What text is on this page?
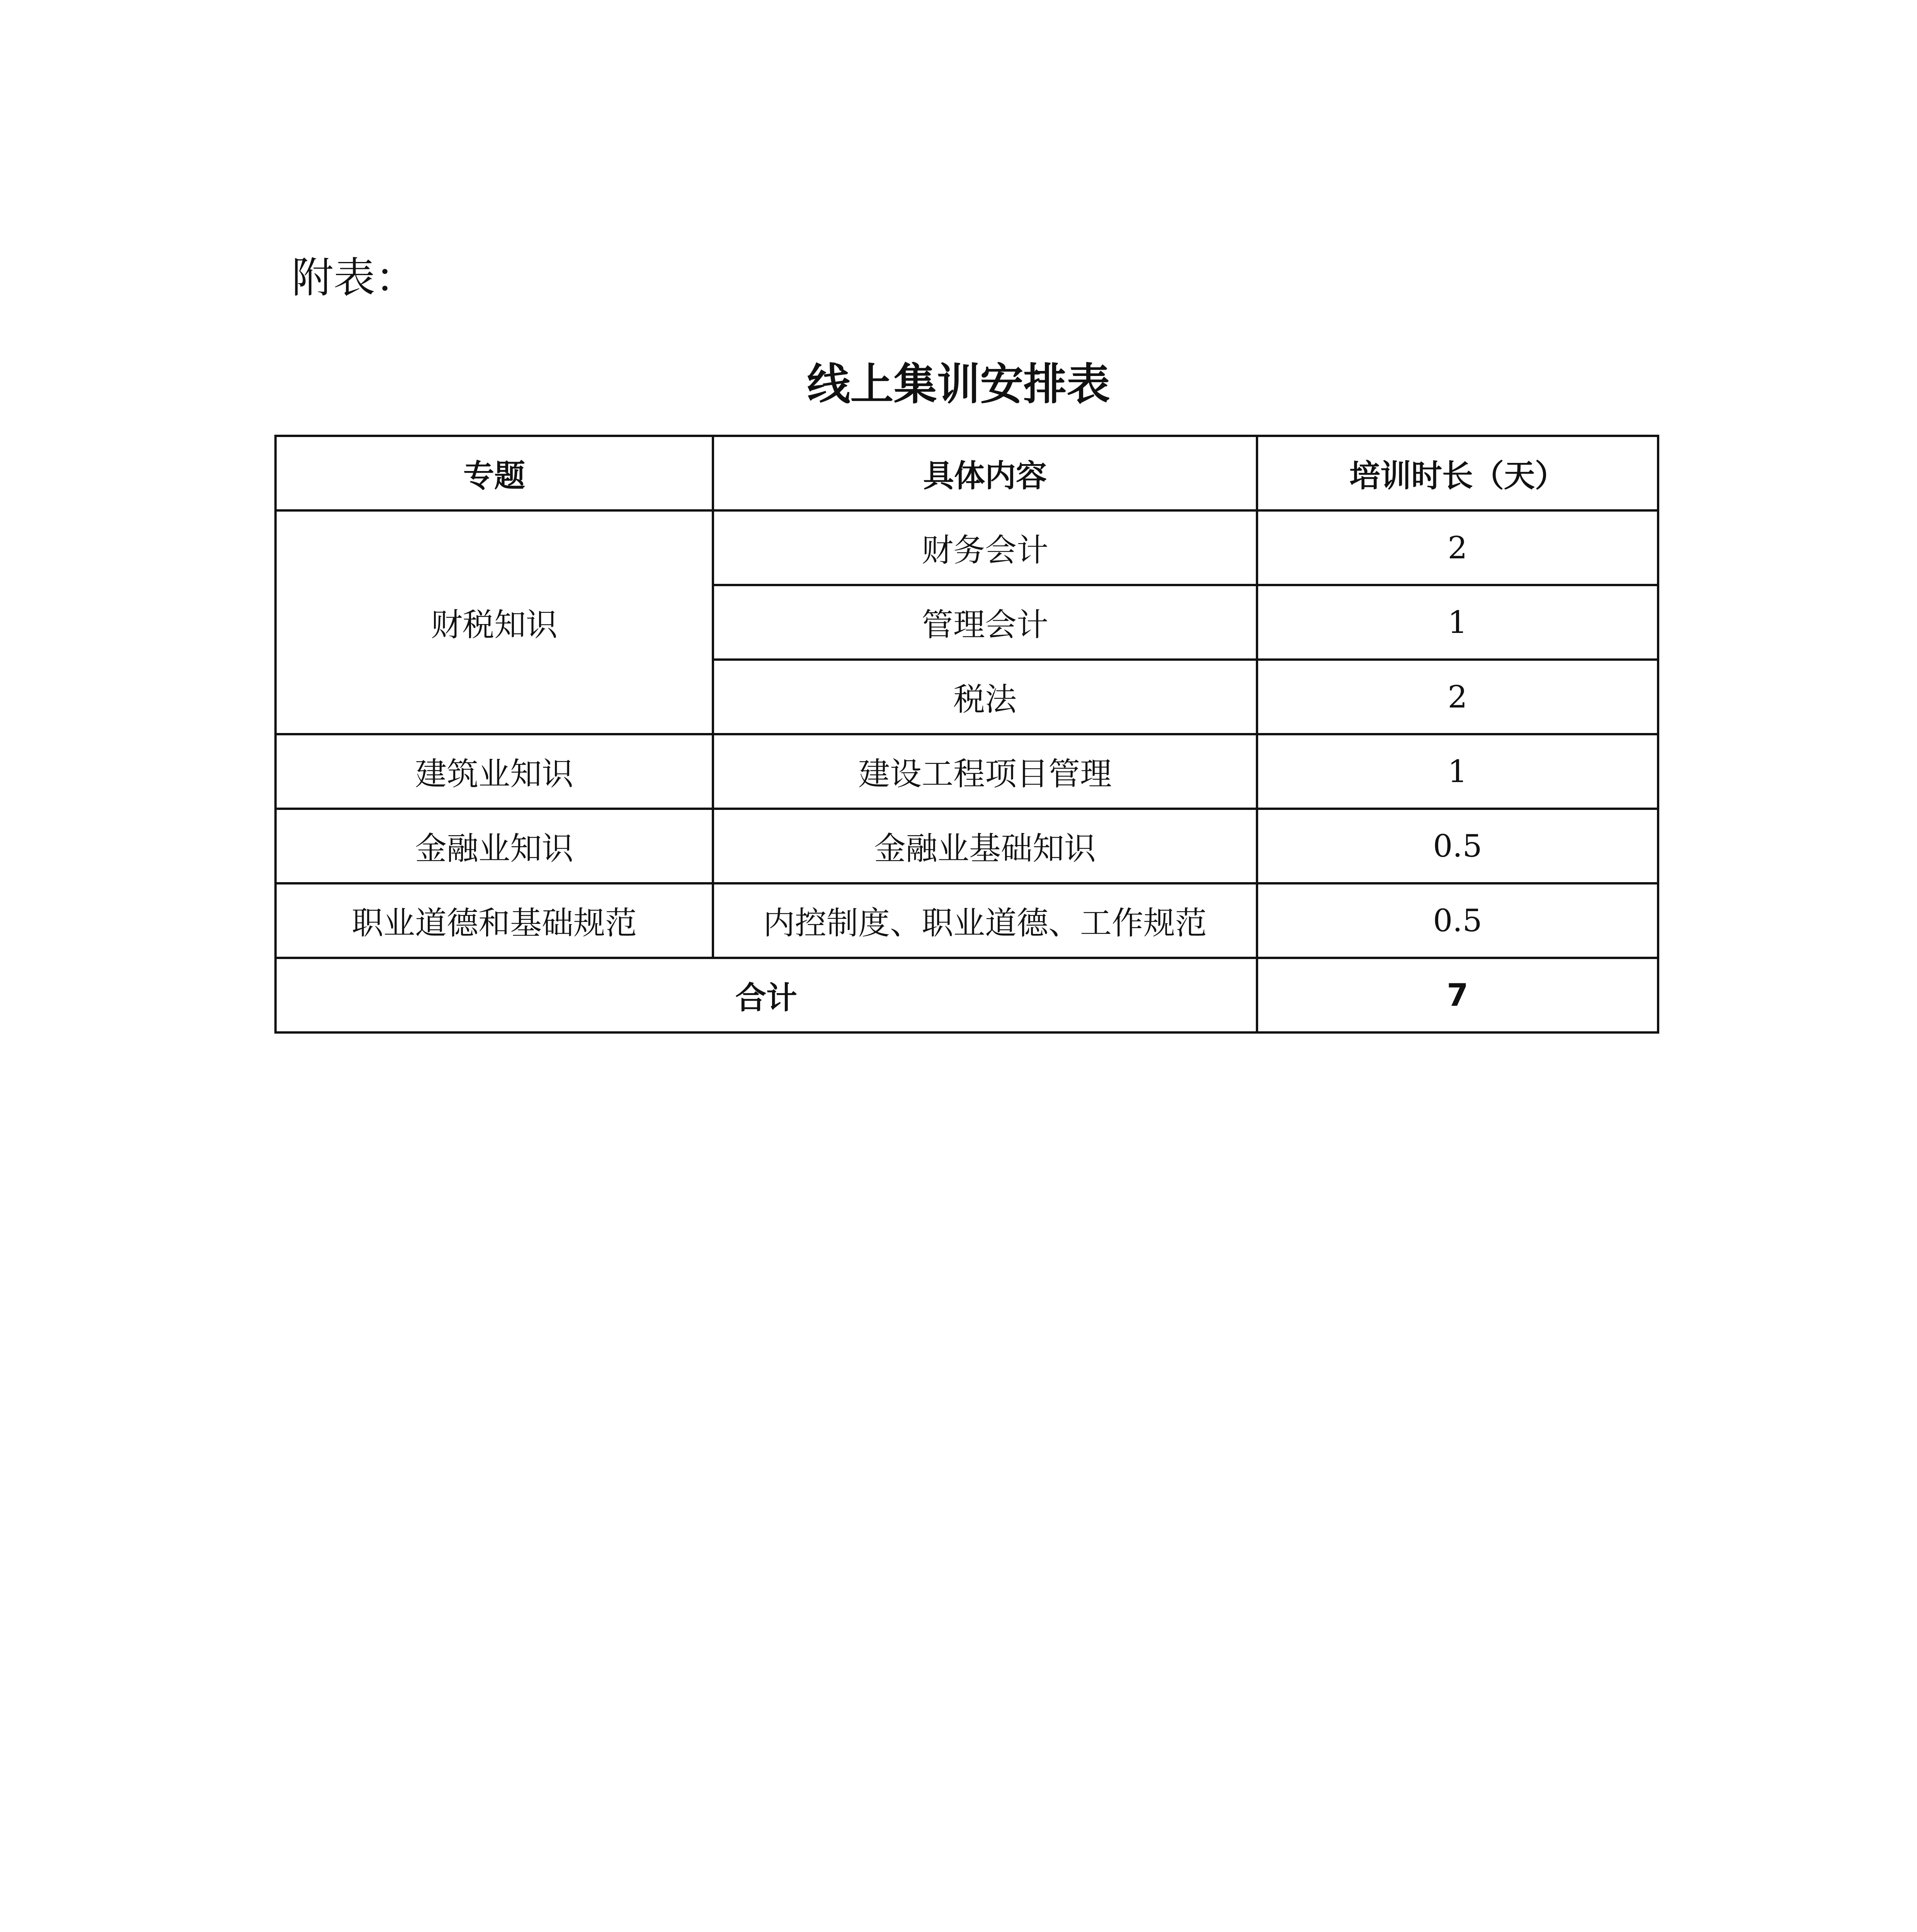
附表：
线上集训安排表
专题	具体内容	培训时长（天）
财税知识	财务会计	2
	管理会计	1
	税法	2
建筑业知识	建设工程项目管理	1
金融业知识	金融业基础知识	0.5
职业道德和基础规范	内控制度、职业道德、工作规范	0.5
合计		7
